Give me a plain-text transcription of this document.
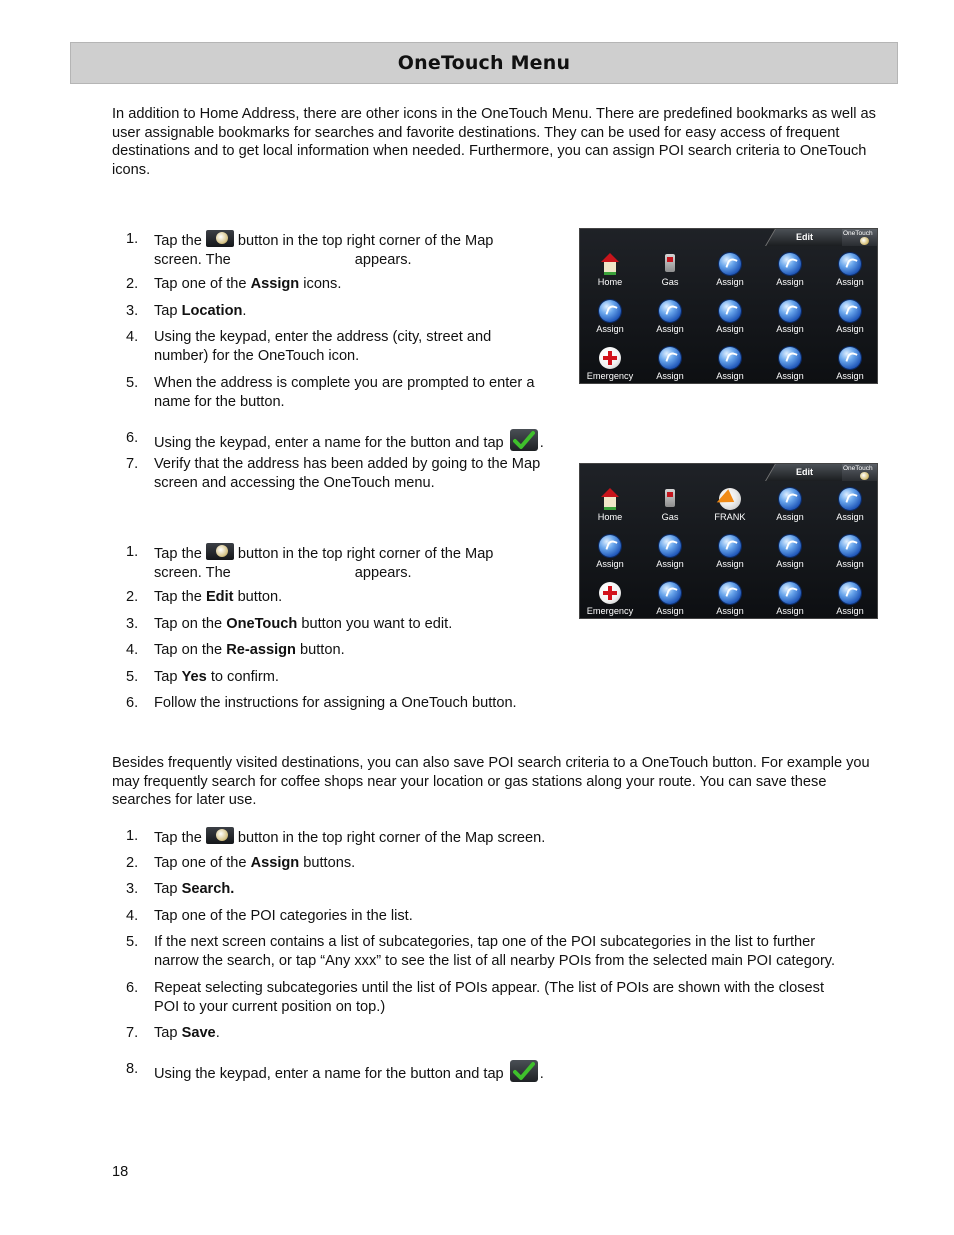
OneTouch Menu

In addition to Home Address, there are other icons in the OneTouch Menu. There are predefined bookmarks as well as user assignable bookmarks for searches and favorite destinations. They can be used for easy access of frequent destinations and to get local information when needed. Furthermore, you can assign POI search criteria to OneTouch icons.

1.	Tap the button in the top right corner of the Map
screen. The	appears.
2.	Tap one of the Assign icons.
3.	Tap Location.
4.	Using the keypad, enter the address (city, street and
number) for the OneTouch icon.
5.	When the address is complete you are prompted to enter a
name for the button.
6.	Using the keypad, enter a name for the button and tap .
7.	Verify that the address has been added by going to the Map
screen and accessing the OneTouch menu.
1.	Tap the button in the top right corner of the Map
screen. The	appears.
2.	Tap the Edit button.
3.	Tap on the OneTouch button you want to edit.
4.	Tap on the Re-assign button.
5.	Tap Yes to confirm.
6.	Follow the instructions for assigning a OneTouch button.

Besides frequently visited destinations, you can also save POI search criteria to a OneTouch button. For example you may frequently search for coffee shops near your location or gas stations along your route. You can save these searches for later use.

1.	Tap the button in the top right corner of the Map screen.
2.	Tap one of the Assign buttons.
3.	Tap Search.
4.	Tap one of the POI categories in the list.
5.	If the next screen contains a list of subcategories, tap one of the POI subcategories in the list to further
narrow the search, or tap “Any xxx” to see the list of all nearby POIs from the selected main POI category.
6.	Repeat selecting subcategories until the list of POIs appear. (The list of POIs are shown with the closest
POI to your current position on top.)
7.	Tap Save.
8.	Using the keypad, enter a name for the button and tap .
Edit	OneTouch
Home	Gas	Assign	Assign	Assign
Assign	Assign	Assign	Assign	Assign
Emergency	Assign	Assign	Assign	Assign
Edit	OneTouch
Home	Gas	FRANK	Assign	Assign
Assign	Assign	Assign	Assign	Assign
Emergency	Assign	Assign	Assign	Assign
18
